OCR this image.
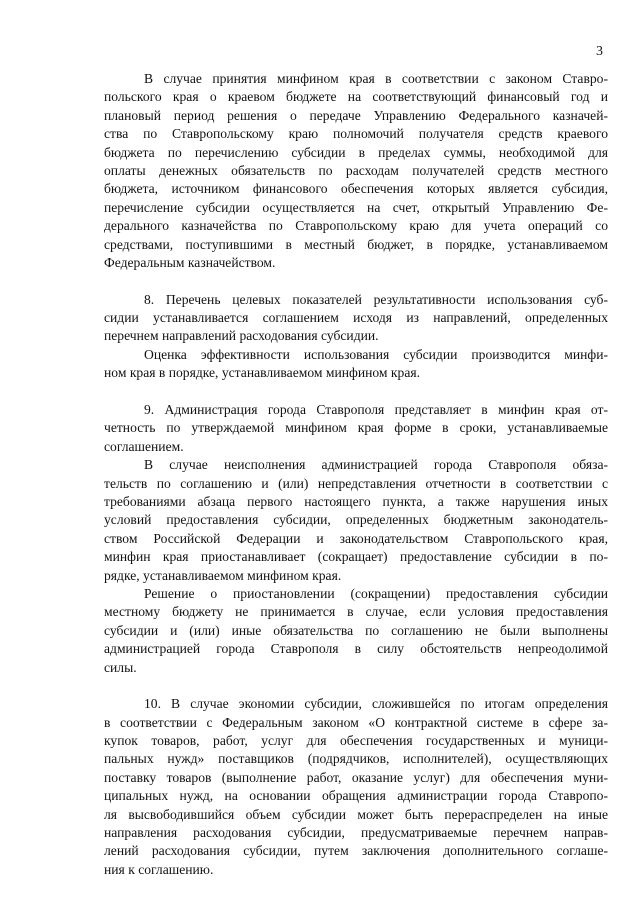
3
В случае принятия минфином края в соответствии с законом Ставро-
польского края о краевом бюджете на соответствующий финансовый год и
плановый период решения о передаче Управлению Федерального казначей-
ства по Ставропольскому краю полномочий получателя средств краевого
бюджета по перечислению субсидии в пределах суммы, необходимой для
оплаты денежных обязательств по расходам получателей средств местного
бюджета, источником финансового обеспечения которых является субсидия,
перечисление субсидии осуществляется на счет, открытый Управлению Фе-
дерального казначейства по Ставропольскому краю для учета операций со
средствами, поступившими в местный бюджет, в порядке, устанавливаемом
Федеральным казначейством.
8. Перечень целевых показателей результативности использования суб-
сидии устанавливается соглашением исходя из направлений, определенных
перечнем направлений расходования субсидии.
Оценка эффективности использования субсидии производится минфи-
ном края в порядке, устанавливаемом минфином края.
9. Администрация города Ставрополя представляет в минфин края от-
четность по утверждаемой минфином края форме в сроки, устанавливаемые
соглашением.
В случае неисполнения администрацией города Ставрополя обяза-
тельств по соглашению и (или) непредставления отчетности в соответствии с
требованиями абзаца первого настоящего пункта, а также нарушения иных
условий предоставления субсидии, определенных бюджетным законодатель-
ством Российской Федерации и законодательством Ставропольского края,
минфин края приостанавливает (сокращает) предоставление субсидии в по-
рядке, устанавливаемом минфином края.
Решение о приостановлении (сокращении) предоставления субсидии
местному бюджету не принимается в случае, если условия предоставления
субсидии и (или) иные обязательства по соглашению не были выполнены
администрацией города Ставрополя в силу обстоятельств непреодолимой
силы.
10. В случае экономии субсидии, сложившейся по итогам определения
в соответствии с Федеральным законом «О контрактной системе в сфере за-
купок товаров, работ, услуг для обеспечения государственных и муници-
пальных нужд» поставщиков (подрядчиков, исполнителей), осуществляющих
поставку товаров (выполнение работ, оказание услуг) для обеспечения муни-
ципальных нужд, на основании обращения администрации города Ставропо-
ля высвободившийся объем субсидии может быть перераспределен на иные
направления расходования субсидии, предусматриваемые перечнем направ-
лений расходования субсидии, путем заключения дополнительного соглаше-
ния к соглашению.
